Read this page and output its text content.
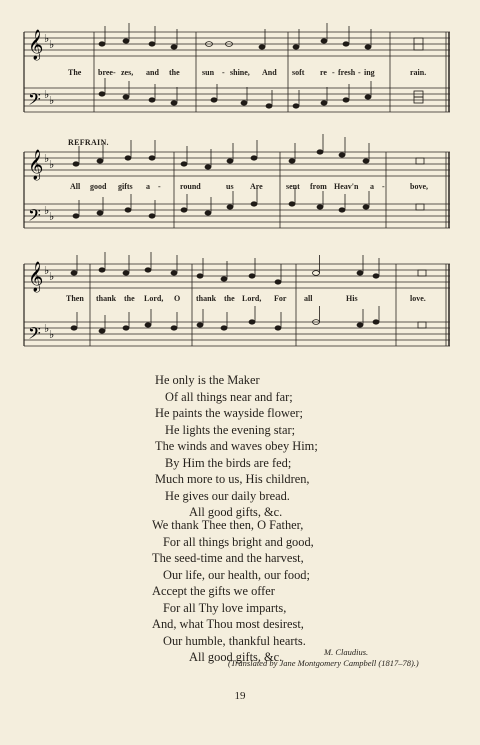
𝄞
𝄢
♭ ♭
♭ ♭
The bree- zes, and the	sun - shine, And soft re - fresh - ing	rain.
REFRAIN.
𝄞
𝄢
♭ ♭
♭ ♭
All good gifts a - round	us Are	sent from Heav'n a -	bove,
𝄞
𝄢
♭ ♭
♭ ♭
Then thank the Lord, O thank the Lord, For all	His	love.
He only is the Maker
Of all things near and far;
He paints the wayside flower;
He lights the evening star;
The winds and waves obey Him;
By Him the birds are fed;
Much more to us, His children,
He gives our daily bread.
All good gifts, &c.
We thank Thee then, O Father,
For all things bright and good,
The seed-time and the harvest,
Our life, our health, our food;
Accept the gifts we offer
For all Thy love imparts,
And, what Thou most desirest,
Our humble, thankful hearts.
All good gifts, &c.	M. Claudius.
(Translated by Jane Montgomery Campbell (1817–78).)
19
